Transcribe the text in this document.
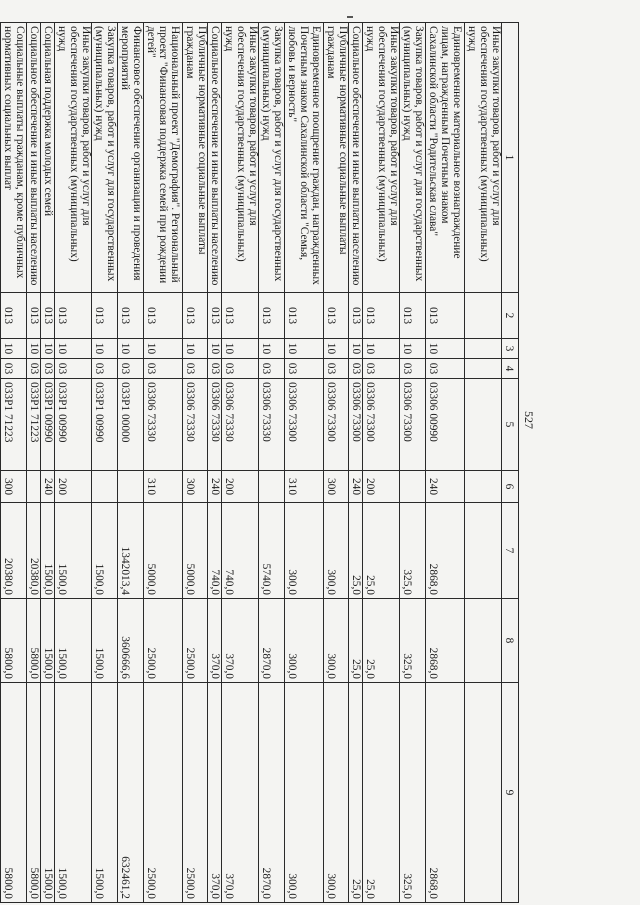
527
1	2	3	4	5	6	7	8	9
Иные закупки товаров, работ и услуг для обеспечения государственных (муниципальных) нужд								
Единовременное материальное вознаграждение лицам, награжденным Почетным знаком Сахалинской области "Родительская слава"	013	10	03	03306 00990	240	2868,0	2868,0	2868,0
Закупка товаров, работ и услуг для государственных (муниципальных) нужд	013	10	03	03306 73300		325,0	325,0	325,0
Иные закупки товаров, работ и услуг для обеспечения государственных (муниципальных) нужд	013	10	03	03306 73300	200	25,0	25,0	25,0
Социальное обеспечение и иные выплаты населению	013	10	03	03306 73300	240	25,0	25,0	25,0
Публичные нормативные социальные выплаты гражданам	013	10	03	03306 73300	300	300,0	300,0	300,0
Единовременное поощрение граждан, награжденных Почетным знаком Сахалинской области "Семья, любовь и верность"	013	10	03	03306 73300	310	300,0	300,0	300,0
Закупка товаров, работ и услуг для государственных (муниципальных) нужд	013	10	03	03306 73330		5740,0	2870,0	2870,0
Иные закупки товаров, работ и услуг для обеспечения государственных (муниципальных) нужд	013	10	03	03306 73330	200	740,0	370,0	370,0
Социальное обеспечение и иные выплаты населению	013	10	03	03306 73330	240	740,0	370,0	370,0
Публичные нормативные социальные выплаты гражданам	013	10	03	03306 73330	300	5000,0	2500,0	2500,0
Национальный проект "Демография". Региональный проект "Финансовая поддержка семей при рождении детей"	013	10	03	03306 73330	310	5000,0	2500,0	2500,0
Финансовое обеспечение организации и проведения мероприятий	013	10	03	033Р1 00000		1342013,4	360666,6	632461,2
Закупка товаров, работ и услуг для государственных (муниципальных) нужд	013	10	03	033Р1 00990		1500,0	1500,0	1500,0
Иные закупки товаров, работ и услуг для обеспечения государственных (муниципальных) нужд	013	10	03	033Р1 00990	200	1500,0	1500,0	1500,0
Социальная поддержка молодых семей	013	10	03	033Р1 00990	240	1500,0	1500,0	1500,0
Социальное обеспечение и иные выплаты населению	013	10	03	033Р1 71223		20380,0	5800,0	5800,0
Социальные выплаты гражданам, кроме публичных нормативных социальных выплат	013	10	03	033Р1 71223	300	20380,0	5800,0	5800,0
